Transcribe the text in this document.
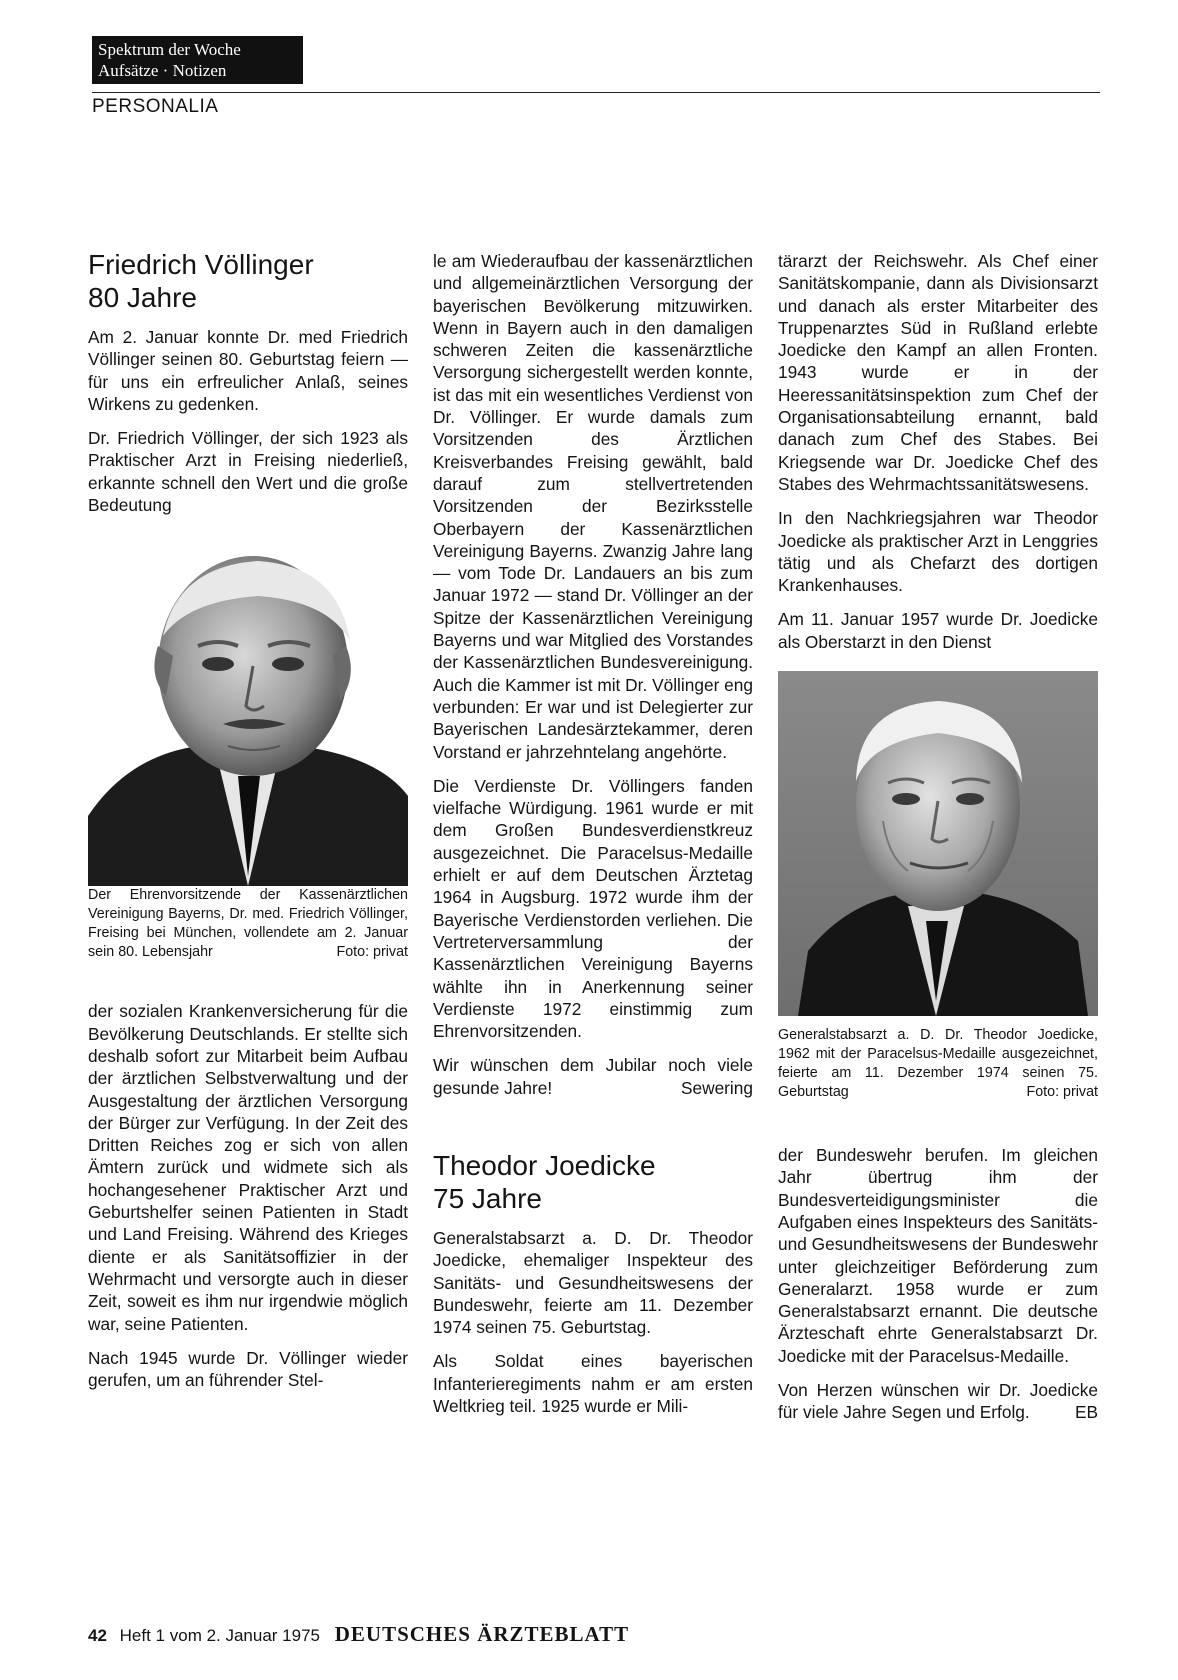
Spektrum der Woche
Aufsätze · Notizen
PERSONALIA
Friedrich Völlinger
80 Jahre

Am 2. Januar konnte Dr. med Friedrich Völlinger seinen 80. Geburtstag feiern — für uns ein erfreulicher Anlaß, seines Wirkens zu gedenken.

Dr. Friedrich Völlinger, der sich 1923 als Praktischer Arzt in Freising niederließ, erkannte schnell den Wert und die große Bedeutung

Der Ehrenvorsitzende der Kassenärztlichen Vereinigung Bayerns, Dr. med. Friedrich Völlinger, Freising bei München, vollendete am 2. Januar sein 80. Lebensjahr	Foto: privat

der sozialen Krankenversicherung für die Bevölkerung Deutschlands. Er stellte sich deshalb sofort zur Mitarbeit beim Aufbau der ärztlichen Selbstverwaltung und der Ausgestaltung der ärztlichen Versorgung der Bürger zur Verfügung. In der Zeit des Dritten Reiches zog er sich von allen Ämtern zurück und widmete sich als hochangesehener Praktischer Arzt und Geburtshelfer seinen Patienten in Stadt und Land Freising. Während des Krieges diente er als Sanitätsoffizier in der Wehrmacht und versorgte auch in dieser Zeit, soweit es ihm nur irgendwie möglich war, seine Patienten.

Nach 1945 wurde Dr. Völlinger wieder gerufen, um an führender Stel-

le am Wiederaufbau der kassenärztlichen und allgemeinärztlichen Versorgung der bayerischen Bevölkerung mitzuwirken. Wenn in Bayern auch in den damaligen schweren Zeiten die kassenärztliche Versorgung sichergestellt werden konnte, ist das mit ein wesentliches Verdienst von Dr. Völlinger. Er wurde damals zum Vorsitzenden des Ärztlichen Kreisverbandes Freising gewählt, bald darauf zum stellvertretenden Vorsitzenden der Bezirksstelle Oberbayern der Kassenärztlichen Vereinigung Bayerns. Zwanzig Jahre lang — vom Tode Dr. Landauers an bis zum Januar 1972 — stand Dr. Völlinger an der Spitze der Kassenärztlichen Vereinigung Bayerns und war Mitglied des Vorstandes der Kassenärztlichen Bundesvereinigung. Auch die Kammer ist mit Dr. Völlinger eng verbunden: Er war und ist Delegierter zur Bayerischen Landesärztekammer, deren Vorstand er jahrzehntelang angehörte.

Die Verdienste Dr. Völlingers fanden vielfache Würdigung. 1961 wurde er mit dem Großen Bundesverdienstkreuz ausgezeichnet. Die Paracelsus-Medaille erhielt er auf dem Deutschen Ärztetag 1964 in Augsburg. 1972 wurde ihm der Bayerische Verdienstorden verliehen. Die Vertreterversammlung der Kassenärztlichen Vereinigung Bayerns wählte ihn in Anerkennung seiner Verdienste 1972 einstimmig zum Ehrenvorsitzenden.

Wir wünschen dem Jubilar noch viele gesunde Jahre!	Sewering

Theodor Joedicke
75 Jahre

Generalstabsarzt a. D. Dr. Theodor Joedicke, ehemaliger Inspekteur des Sanitäts- und Gesundheitswesens der Bundeswehr, feierte am 11. Dezember 1974 seinen 75. Geburtstag.

Als Soldat eines bayerischen Infanterieregiments nahm er am ersten Weltkrieg teil. 1925 wurde er Mili-

tärarzt der Reichswehr. Als Chef einer Sanitätskompanie, dann als Divisionsarzt und danach als erster Mitarbeiter des Truppenarztes Süd in Rußland erlebte Joedicke den Kampf an allen Fronten. 1943 wurde er in der Heeressanitätsinspektion zum Chef der Organisationsabteilung ernannt, bald danach zum Chef des Stabes. Bei Kriegsende war Dr. Joedicke Chef des Stabes des Wehrmachtssanitätswesens.

In den Nachkriegsjahren war Theodor Joedicke als praktischer Arzt in Lenggries tätig und als Chefarzt des dortigen Krankenhauses.

Am 11. Januar 1957 wurde Dr. Joedicke als Oberstarzt in den Dienst

Generalstabsarzt a. D. Dr. Theodor Joedicke, 1962 mit der Paracelsus-Medaille ausgezeichnet, feierte am 11. Dezember 1974 seinen 75. Geburtstag	Foto: privat

der Bundeswehr berufen. Im gleichen Jahr übertrug ihm der Bundesverteidigungsminister die Aufgaben eines Inspekteurs des Sanitäts- und Gesundheitswesens der Bundeswehr unter gleichzeitiger Beförderung zum Generalarzt. 1958 wurde er zum Generalstabsarzt ernannt. Die deutsche Ärzteschaft ehrte Generalstabsarzt Dr. Joedicke mit der Paracelsus-Medaille.

Von Herzen wünschen wir Dr. Joedicke für viele Jahre Segen und Erfolg.	EB

42 Heft 1 vom 2. Januar 1975 DEUTSCHES ÄRZTEBLATT
